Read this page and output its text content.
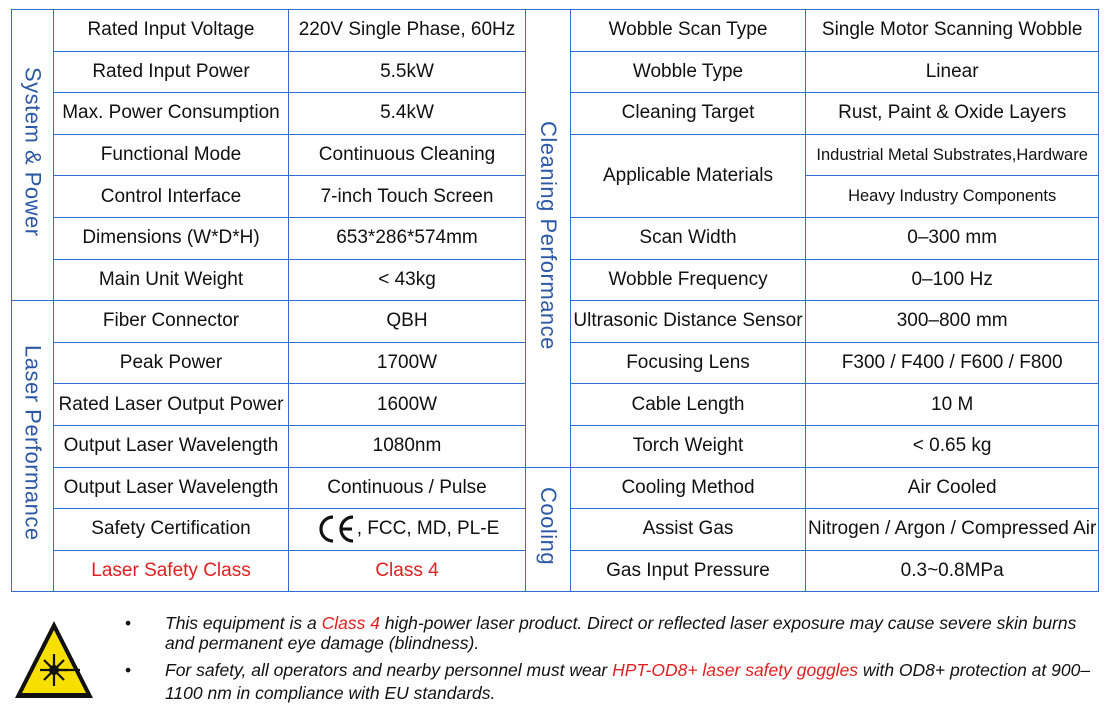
System & Power	Rated Input Voltage	220V Single Phase, 60Hz	Cleaning Performance	Wobble Scan Type	Single Motor Scanning Wobble
	Rated Input Power	5.5kW		Wobble Type	Linear
	Max. Power Consumption	5.4kW		Cleaning Target	Rust, Paint & Oxide Layers
	Functional Mode	Continuous Cleaning		Applicable Materials	Industrial Metal Substrates,Hardware
	Control Interface	7-inch Touch Screen			Heavy Industry Components
	Dimensions (W*D*H)	653*286*574mm		Scan Width	0–300 mm
	Main Unit Weight	< 43kg		Wobble Frequency	0–100 Hz
Laser Performance	Fiber Connector	QBH		Ultrasonic Distance Sensor	300–800 mm
	Peak Power	1700W		Focusing Lens	F300 / F400 / F600 / F800
	Rated Laser Output Power	1600W		Cable Length	10 M
	Output Laser Wavelength	1080nm		Torch Weight	< 0.65 kg
	Output Laser Wavelength	Continuous / Pulse	Cooling	Cooling Method	Air Cooled
	Safety Certification	, FCC, MD, PL-E		Assist Gas	Nitrogen / Argon / Compressed Air
	Laser Safety Class	Class 4		Gas Input Pressure	0.3~0.8MPa
• This equipment is a Class 4 high-power laser product. Direct or reflected laser exposure may cause severe skin burns and permanent eye damage (blindness).
• For safety, all operators and nearby personnel must wear HPT-OD8+ laser safety goggles with OD8+ protection at 900–1100 nm in compliance with EU standards.
